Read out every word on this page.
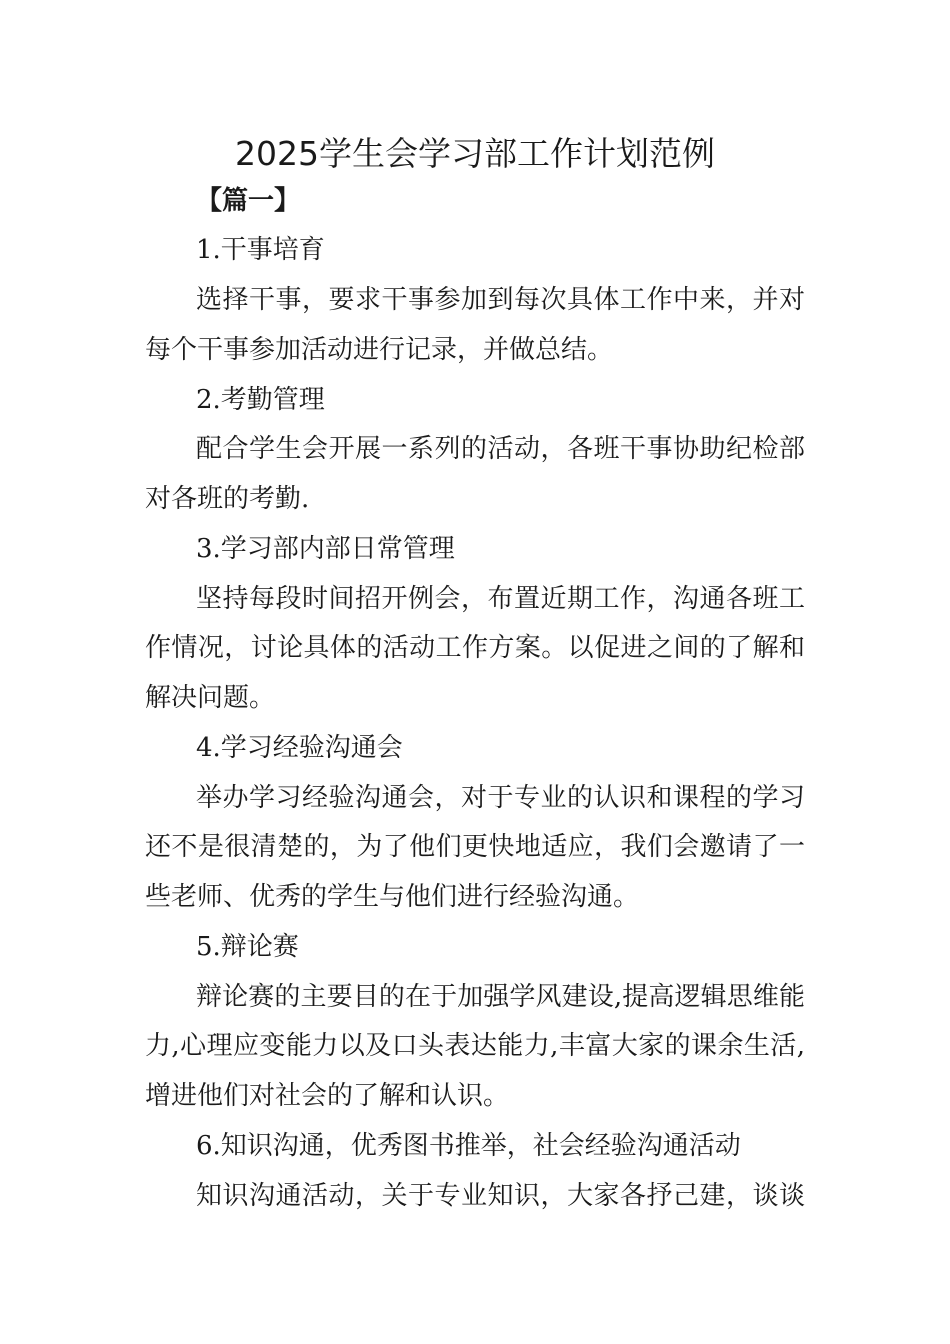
2025学生会学习部工作计划范例

【篇一】

1.干事培育

选择干事，要求干事参加到每次具体工作中来，并对

每个干事参加活动进行记录，并做总结。

2.考勤管理

配合学生会开展一系列的活动，各班干事协助纪检部

对各班的考勤.

3.学习部内部日常管理

坚持每段时间招开例会，布置近期工作，沟通各班工

作情况，讨论具体的活动工作方案。以促进之间的了解和

解决问题。

4.学习经验沟通会

举办学习经验沟通会，对于专业的认识和课程的学习

还不是很清楚的，为了他们更快地适应，我们会邀请了一

些老师、优秀的学生与他们进行经验沟通。

5.辩论赛

辩论赛的主要目的在于加强学风建设,提高逻辑思维能

力,心理应变能力以及口头表达能力,丰富大家的课余生活,

增进他们对社会的了解和认识。

6.知识沟通，优秀图书推举，社会经验沟通活动

知识沟通活动，关于专业知识，大家各抒己建，谈谈
